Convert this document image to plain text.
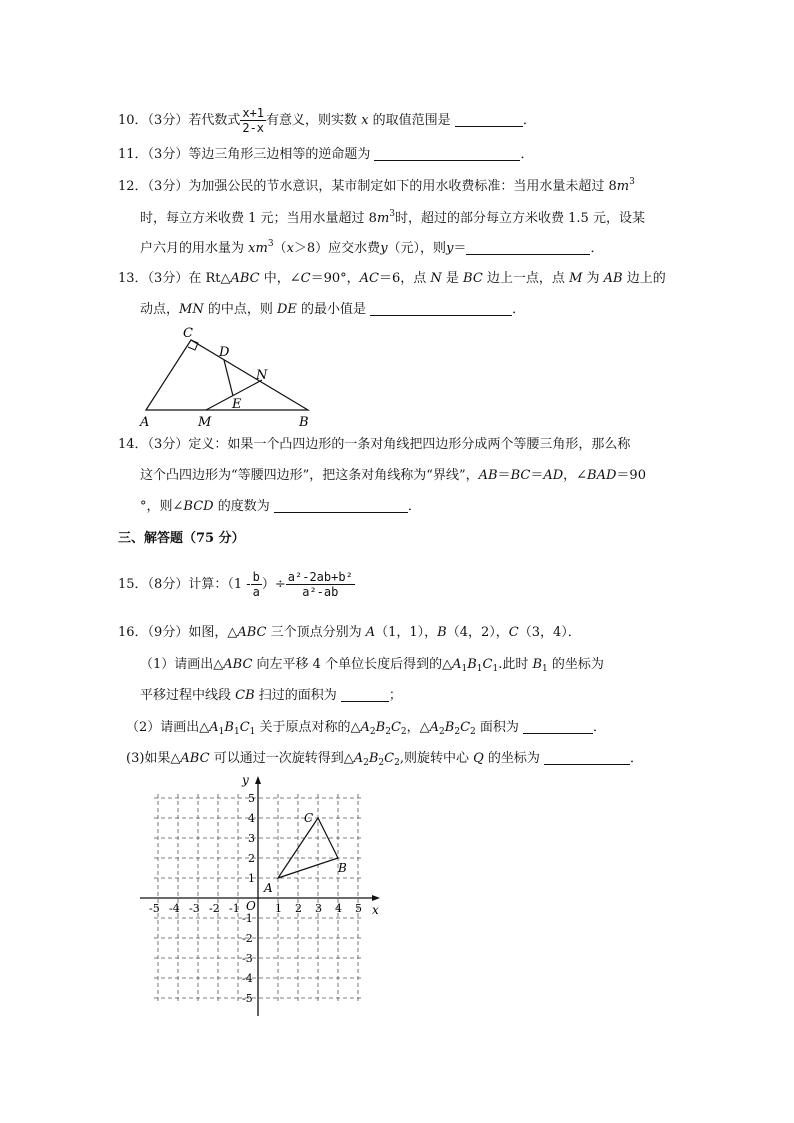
10．（3分）若代数式 $\frac{x+1}{2-x}$ 有意义，则实数 x 的取值范围是	．
11．（3分）等边三角形三边相等的逆命题为	．
12．（3分）为加强公民的节水意识，某市制定如下的用水收费标准：当用水量未超过 $8m^3$
时，每立方米收费 1 元；当用水量超过 $8m^3$时，超过的部分每立方米收费 1.5 元，设某
户六月的用水量为 $xm^3(x>8)$应交水费y（元），则y＝	．
13．（3分）在 Rt△ABC 中，∠C＝90°，AC＝6，点 N 是 BC 边上一点，点 M 为 AB 边上的
动点，MN 的中点，则 DE 的最小值是	．
C
D
N
E
A	M	B
14．（3分）定义：如果一个凸四边形的一条对角线把四边形分成两个等腰三角形，那么称
这个凸四边形为“等腰四边形”，把这条对角线称为“界线”，AB＝BC＝AD，∠BAD＝90
°，则∠BCD 的度数为	．
三、解答题（75 分）
15．（8分）计算：（$1 - \frac{b}{a}$ ）÷ $\frac{\text{a²-2ab+b²}}{\text{a²-ab}}$
16．（9分）如图，△ABC 三个顶点分别为 A（1，1），B（4，2），C（3，4）．
（1）请画出△ABC 向左平移 4 个单位长度后得到的$\triangle A_1B_1C_1$.此时 $B_1$ 的坐标为
平移过程中线段 CB 扫过的面积为	；
（2）请画出$\triangle A_1B_1C_1$ 关于原点对称的$\triangle A_2B_2C_2$，$\triangle A_2B_2C_2$ 面积为	．
(3)如果△ABC 可以通过一次旋转得到$\triangle A_2B_2C_2$,则旋转中心 Q 的坐标为	．
y
x
O
-5 -4 -3 -2 -1	1 2 3 4 5
5
4
3
2
1
-1
-2
-3
-4
-5
A
B
C
